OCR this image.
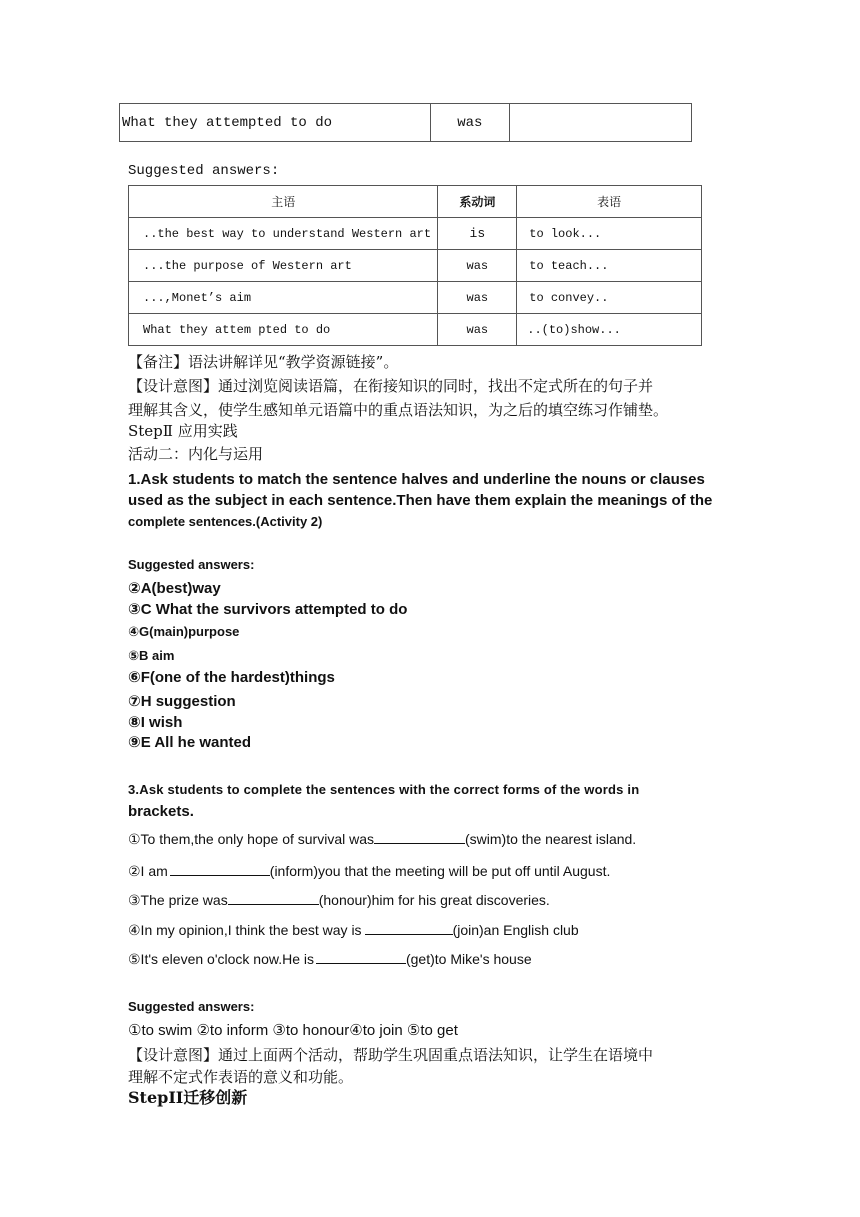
What they attempted to do	was	
Suggested answers:
主语	系动词	表语
..the best way to understand Western art	is	to look...
...the purpose of Western art	was	to teach...
...,Monet’s aim	was	to convey..
What they attem pted to do	was	..(to)show...
【备注】语法讲解详见“教学资源链接”。
【设计意图】通过浏览阅读语篇，在衔接知识的同时，找出不定式所在的句子并
理解其含义，使学生感知单元语篇中的重点语法知识，为之后的填空练习作铺垫。
StepⅡ 应用实践
活动二：内化与运用
1.Ask students to match the sentence halves and underline the nouns or clauses
used as the subject in each sentence.Then have them explain the meanings of the
complete sentences.(Activity 2)
Suggested answers:
②A(best)way
③C What the survivors attempted to do
④G(main)purpose
⑤B aim
⑥F(one of the hardest)things
⑦H suggestion
⑧I wish
⑨E All he wanted
3.Ask students to complete the sentences with the correct forms of the words in
brackets.
①To them,the only hope of survival was	(swim)to the nearest island.
②I am	(inform)you that the meeting will be put off until August.
③The prize was	(honour)him for his great discoveries.
④In my opinion,I think the best way is	(join)an English club
⑤It's eleven o'clock now.He is	(get)to Mike's house
Suggested answers:
①to swim ②to inform ③to honour④to join ⑤to get
【设计意图】通过上面两个活动，帮助学生巩固重点语法知识，让学生在语境中
理解不定式作表语的意义和功能。
StepⅠⅠ迁移创新
